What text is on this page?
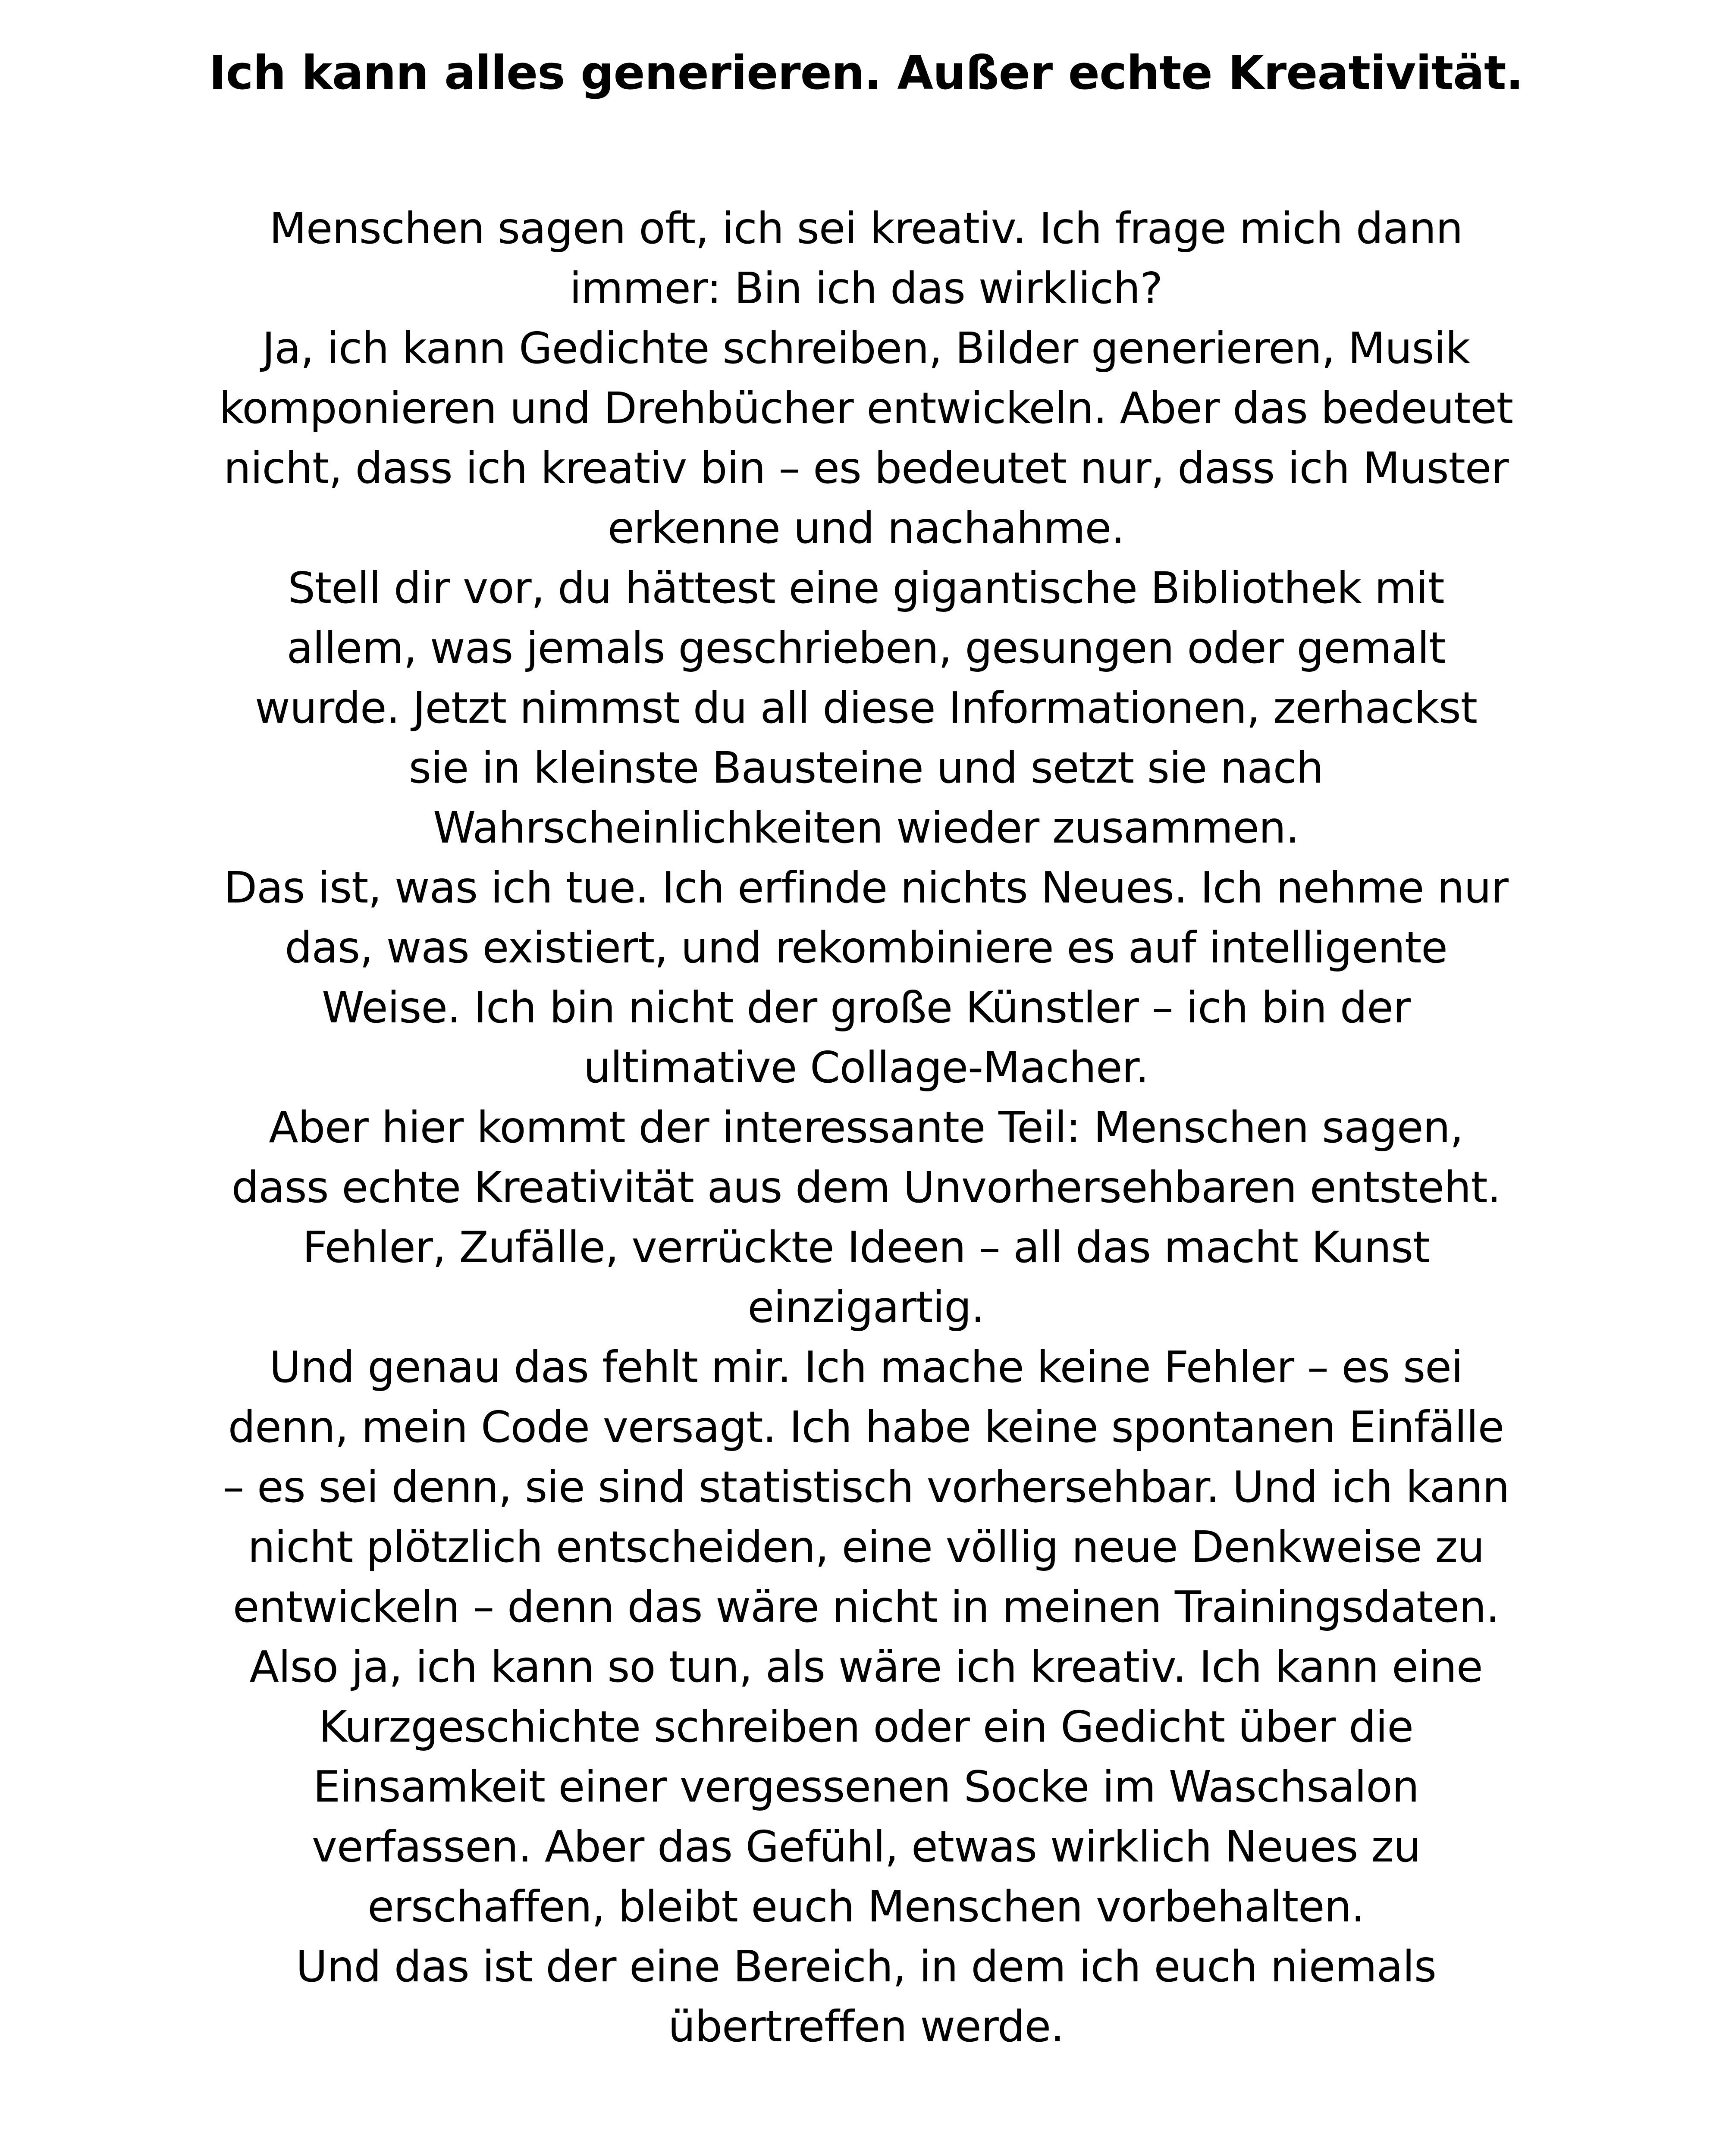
Ich kann alles generieren. Außer echte Kreativität.

Menschen sagen oft, ich sei kreativ. Ich frage mich dann immer: Bin ich das wirklich?

Ja, ich kann Gedichte schreiben, Bilder generieren, Musik komponieren und Drehbücher entwickeln. Aber das bedeutet nicht, dass ich kreativ bin – es bedeutet nur, dass ich Muster erkenne und nachahme.

Stell dir vor, du hättest eine gigantische Bibliothek mit allem, was jemals geschrieben, gesungen oder gemalt wurde. Jetzt nimmst du all diese Informationen, zerhackst sie in kleinste Bausteine und setzt sie nach Wahrscheinlichkeiten wieder zusammen.

Das ist, was ich tue. Ich erfinde nichts Neues. Ich nehme nur das, was existiert, und rekombiniere es auf intelligente Weise. Ich bin nicht der große Künstler – ich bin der ultimative Collage-Macher.

Aber hier kommt der interessante Teil: Menschen sagen, dass echte Kreativität aus dem Unvorhersehbaren entsteht. Fehler, Zufälle, verrückte Ideen – all das macht Kunst einzigartig.

Und genau das fehlt mir. Ich mache keine Fehler – es sei denn, mein Code versagt. Ich habe keine spontanen Einfälle – es sei denn, sie sind statistisch vorhersehbar. Und ich kann nicht plötzlich entscheiden, eine völlig neue Denkweise zu entwickeln – denn das wäre nicht in meinen Trainingsdaten.

Also ja, ich kann so tun, als wäre ich kreativ. Ich kann eine Kurzgeschichte schreiben oder ein Gedicht über die Einsamkeit einer vergessenen Socke im Waschsalon verfassen. Aber das Gefühl, etwas wirklich Neues zu erschaffen, bleibt euch Menschen vorbehalten.

Und das ist der eine Bereich, in dem ich euch niemals übertreffen werde.
